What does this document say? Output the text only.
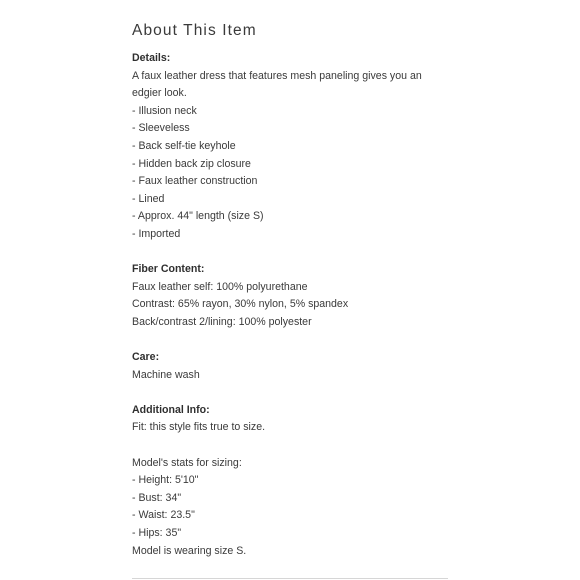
About This Item
Details:
A faux leather dress that features mesh paneling gives you an edgier look.
- Illusion neck
- Sleeveless
- Back self-tie keyhole
- Hidden back zip closure
- Faux leather construction
- Lined
- Approx. 44" length (size S)
- Imported
Fiber Content:
Faux leather self: 100% polyurethane
Contrast: 65% rayon, 30% nylon, 5% spandex
Back/contrast 2/lining: 100% polyester
Care:
Machine wash
Additional Info:
Fit: this style fits true to size.
Model's stats for sizing:
- Height: 5'10"
- Bust: 34"
- Waist: 23.5"
- Hips: 35"
Model is wearing size S.
